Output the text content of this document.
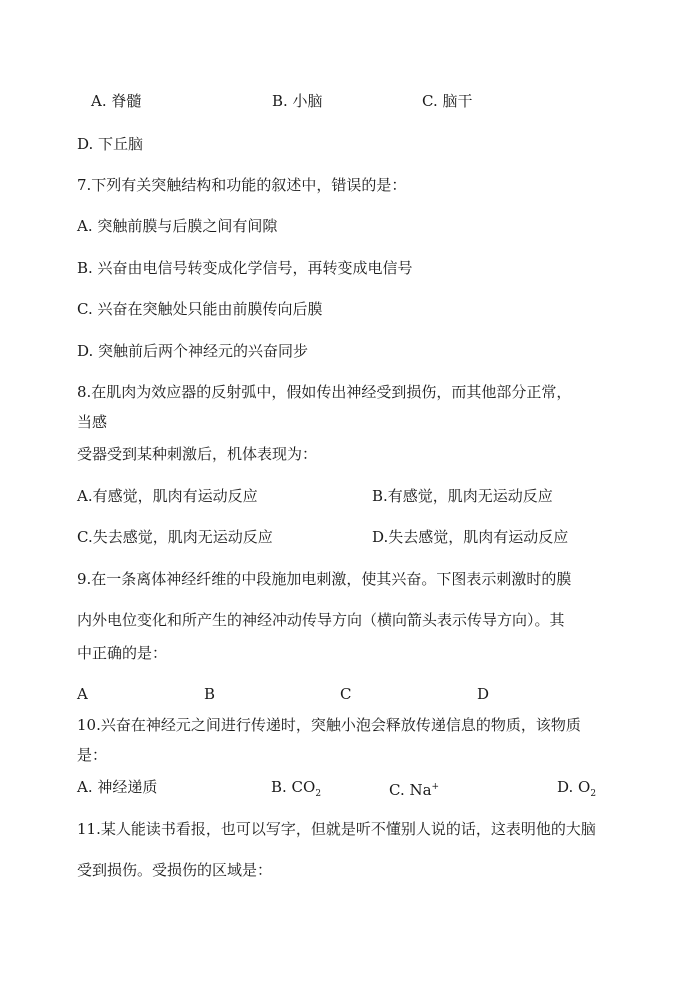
A. 脊髓	B. 小脑	C. 脑干
D. 下丘脑
7.下列有关突触结构和功能的叙述中，错误的是：
A. 突触前膜与后膜之间有间隙
B. 兴奋由电信号转变成化学信号，再转变成电信号
C. 兴奋在突触处只能由前膜传向后膜
D. 突触前后两个神经元的兴奋同步
8.在肌肉为效应器的反射弧中，假如传出神经受到损伤，而其他部分正常，
当感
受器受到某种刺激后，机体表现为：
A.有感觉，肌肉有运动反应	B.有感觉，肌肉无运动反应
C.失去感觉，肌肉无运动反应	D.失去感觉，肌肉有运动反应
9.在一条离体神经纤维的中段施加电刺激，使其兴奋。下图表示刺激时的膜
内外电位变化和所产生的神经冲动传导方向（横向箭头表示传导方向）。其
中正确的是：
A	B	C	D
10.兴奋在神经元之间进行传递时，突触小泡会释放传递信息的物质，该物质
是：
A. 神经递质	B. $CO_2$	C. Na+	D. $O_2$
11.某人能读书看报，也可以写字，但就是听不懂别人说的话，这表明他的大脑
受到损伤。受损伤的区域是：
